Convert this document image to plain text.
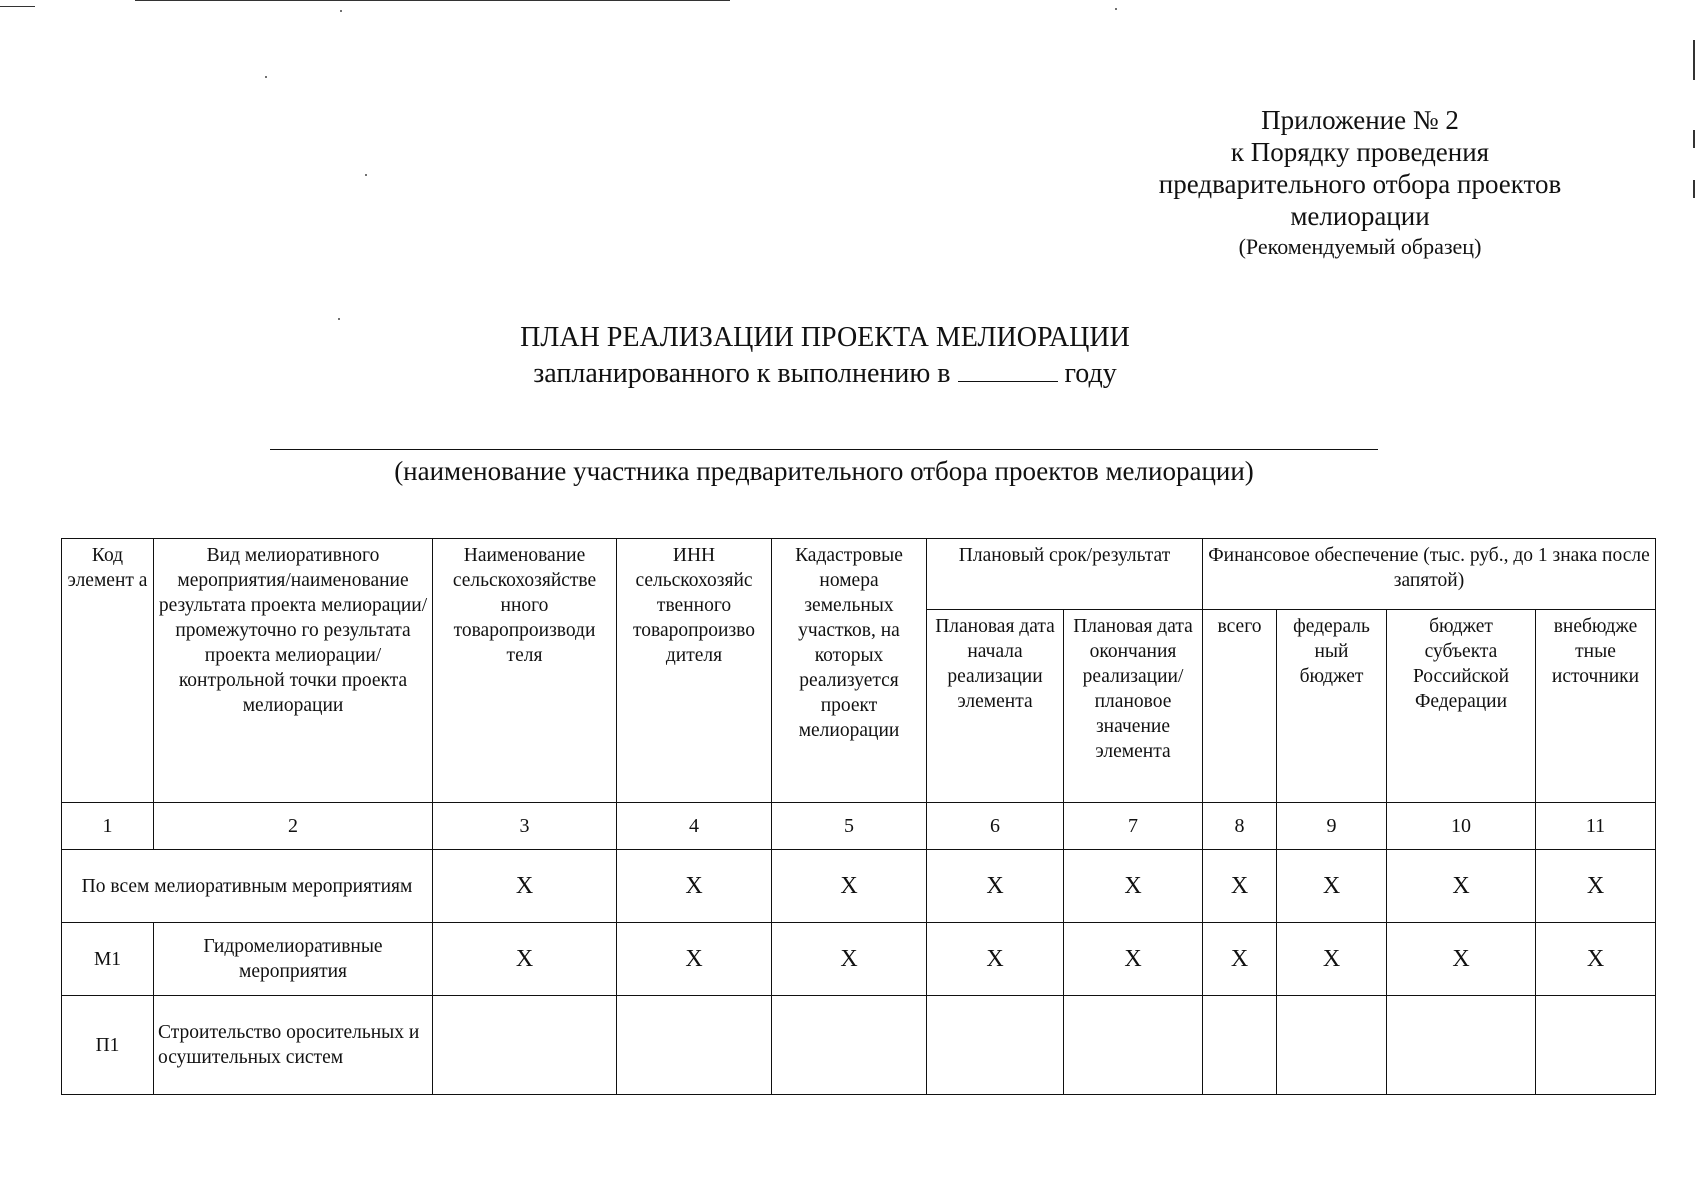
Приложение № 2
к Порядку проведения
предварительного отбора проектов
мелиорации
(Рекомендуемый образец)
ПЛАН РЕАЛИЗАЦИИ ПРОЕКТА МЕЛИОРАЦИИ
запланированного к выполнению в	году
(наименование участника предварительного отбора проектов мелиорации)
Код элемент а	Вид мелиоративного мероприятия/наименование результата проекта мелиорации/промежуточно го результата проекта мелиорации/контрольной точки проекта мелиорации	Наименование сельскохозяйстве нного товаропроизводи теля	ИНН сельскохозяйс твенного товаропроизво дителя	Кадастровые номера земельных участков, на которых реализуется проект мелиорации	Плановый срок/результат		Финансовое обеспечение (тыс. руб., до 1 знака после запятой)			
					Плановая дата начала реализации элемента	Плановая дата окончания реализации/ плановое значение элемента	всего	федераль ный бюджет	бюджет субъекта Российской Федерации	внебюдже тные источники
1	2	3	4	5	6	7	8	9	10	11
По всем мелиоративным мероприятиям		X	X	X	X	X	X	X	X	X
М1	Гидромелиоративные мероприятия	X	X	X	X	X	X	X	X	X
П1	Строительство оросительных и осушительных систем									
